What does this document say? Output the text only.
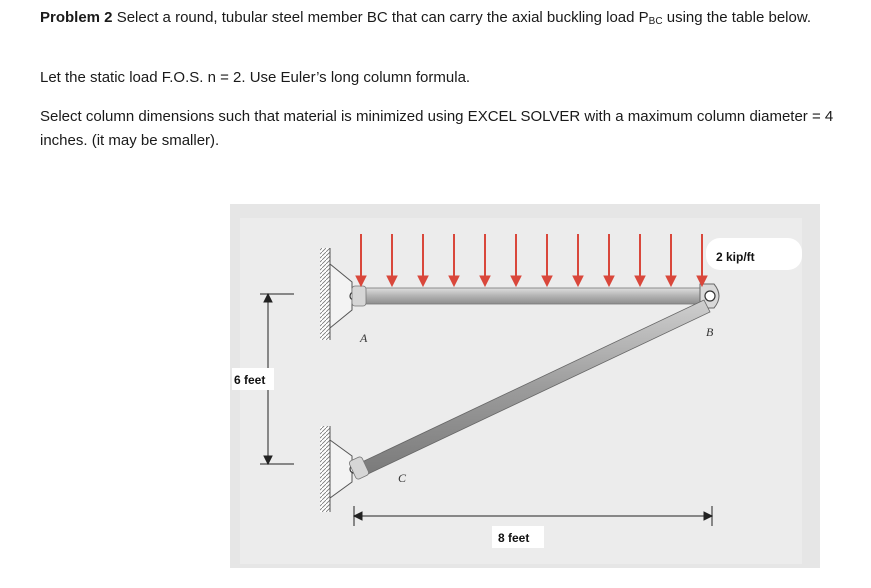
Problem 2 Select a round, tubular steel member BC that can carry the axial buckling load $P_{BC}$ using the table below.

Let the static load F.O.S. n = 2. Use Euler’s long column formula.

Select column dimensions such that material is minimized using EXCEL SOLVER with a maximum column diameter = 4 inches. (it may be smaller).

2 kip/ft
6 feet
8 feet
A	B
C
